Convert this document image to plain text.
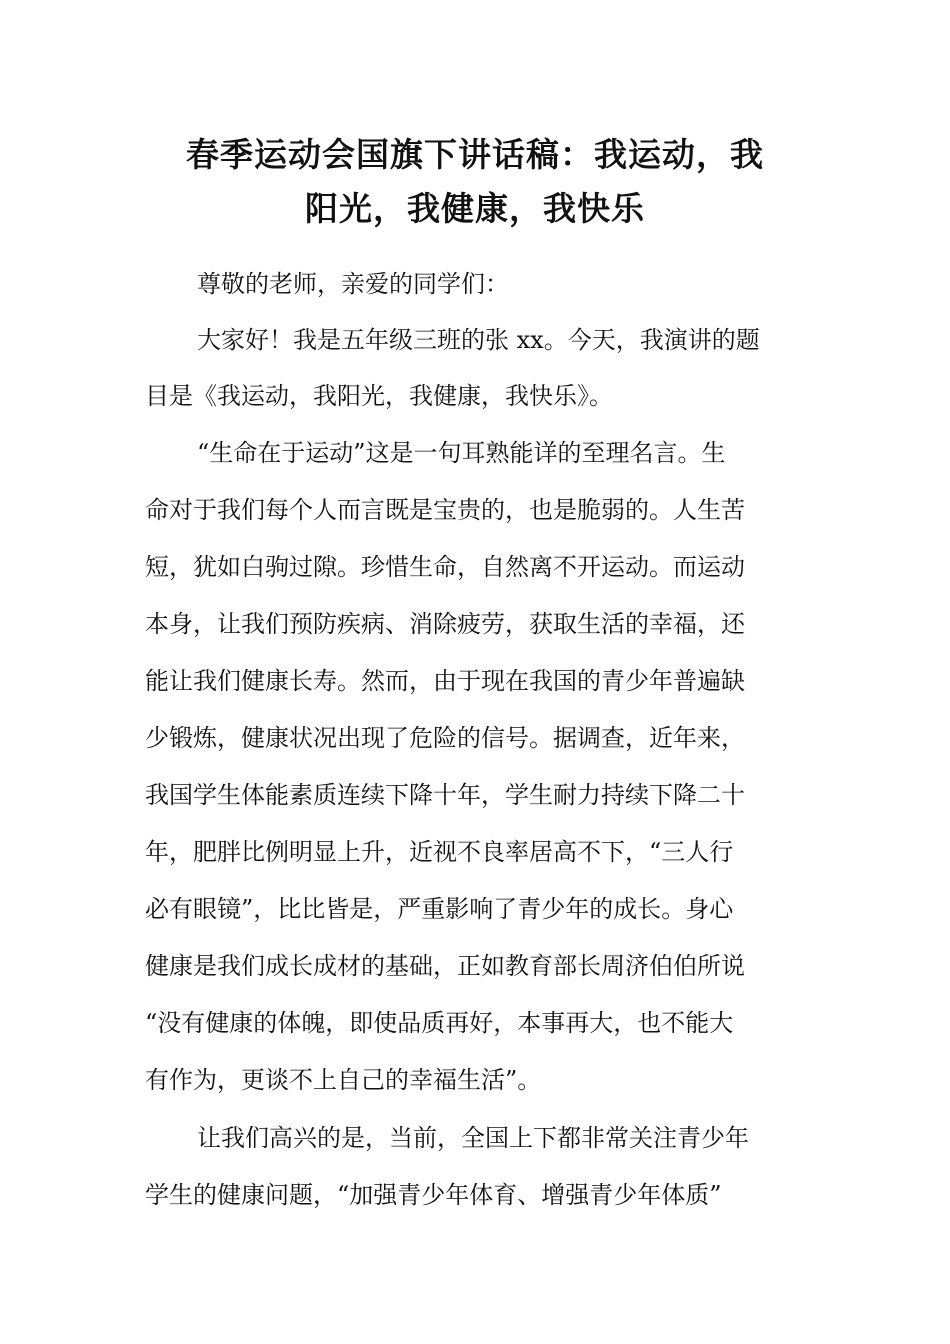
春季运动会国旗下讲话稿：我运动，我
阳光，我健康，我快乐

尊敬的老师，亲爱的同学们：

大家好！我是五年级三班的张 xx。今天，我演讲的题

目是《我运动，我阳光，我健康，我快乐》。

“生命在于运动”这是一句耳熟能详的至理名言。生

命对于我们每个人而言既是宝贵的，也是脆弱的。人生苦

短，犹如白驹过隙。珍惜生命，自然离不开运动。而运动

本身，让我们预防疾病、消除疲劳，获取生活的幸福，还

能让我们健康长寿。然而，由于现在我国的青少年普遍缺

少锻炼，健康状况出现了危险的信号。据调查，近年来，

我国学生体能素质连续下降十年，学生耐力持续下降二十

年，肥胖比例明显上升，近视不良率居高不下，“三人行

必有眼镜”，比比皆是，严重影响了青少年的成长。身心

健康是我们成长成材的基础，正如教育部长周济伯伯所说

“没有健康的体魄，即使品质再好，本事再大，也不能大

有作为，更谈不上自己的幸福生活”。

让我们高兴的是，当前，全国上下都非常关注青少年

学生的健康问题，“加强青少年体育、增强青少年体质”
